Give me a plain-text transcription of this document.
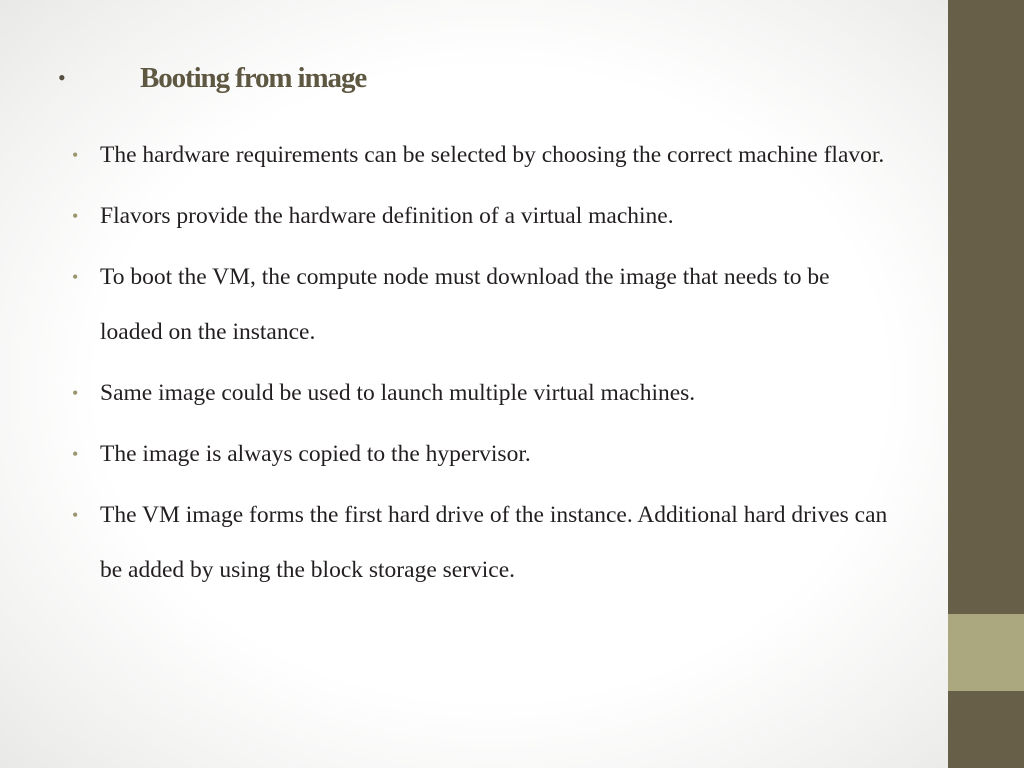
•	Booting from image
• The hardware requirements can be selected by choosing the correct machine flavor.
• Flavors provide the hardware definition of a virtual machine.
• To boot the VM, the compute node must download the image that needs to be loaded on the instance.
• Same image could be used to launch multiple virtual machines.
• The image is always copied to the hypervisor.
• The VM image forms the first hard drive of the instance. Additional hard drives can be added by using the block storage service.
